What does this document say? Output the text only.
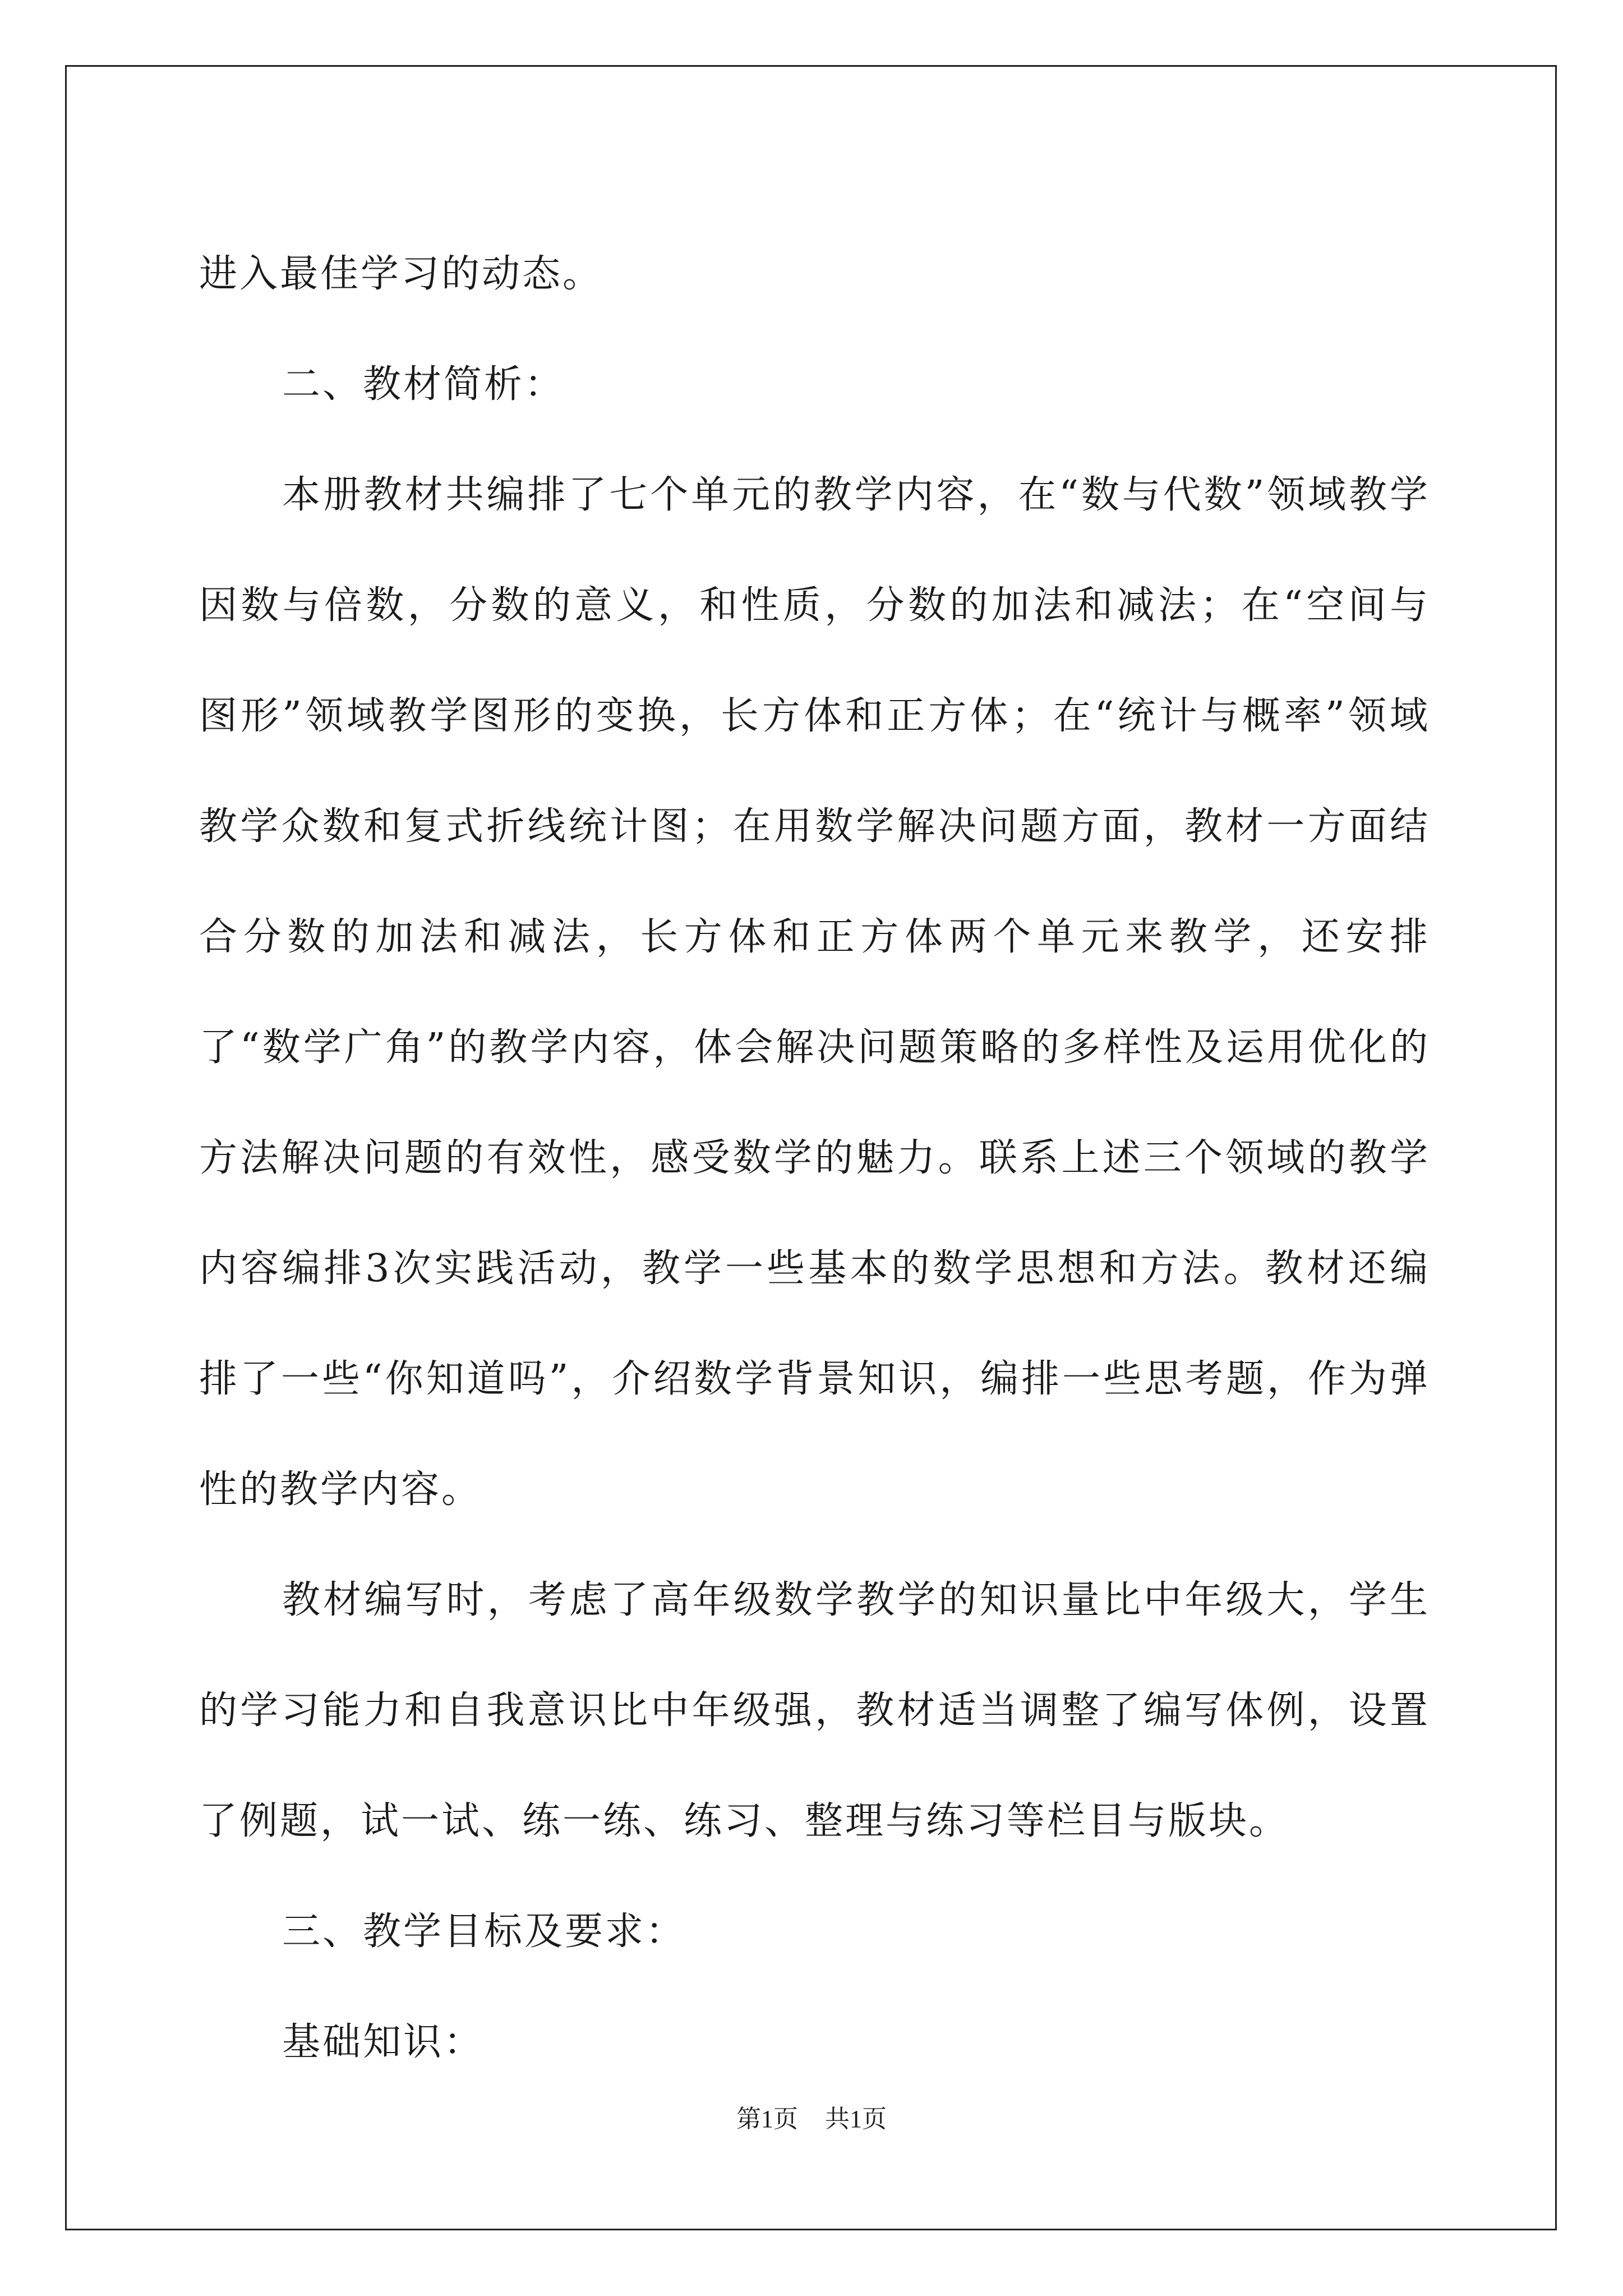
进入最佳学习的动态。

二、教材简析：

本册教材共编排了七个单元的教学内容，在“数与代数”领域教学因数与倍数，分数的意义，和性质，分数的加法和减法；在“空间与图形”领域教学图形的变换，长方体和正方体；在“统计与概率”领域教学众数和复式折线统计图；在用数学解决问题方面，教材一方面结合分数的加法和减法，长方体和正方体两个单元来教学，还安排了“数学广角”的教学内容，体会解决问题策略的多样性及运用优化的方法解决问题的有效性，感受数学的魅力。联系上述三个领域的教学内容编排3次实践活动，教学一些基本的数学思想和方法。教材还编排了一些“你知道吗”，介绍数学背景知识，编排一些思考题，作为弹性的教学内容。

教材编写时，考虑了高年级数学教学的知识量比中年级大，学生的学习能力和自我意识比中年级强，教材适当调整了编写体例，设置了例题，试一试、练一练、练习、整理与练习等栏目与版块。

三、教学目标及要求：

基础知识：

第1页 共1页
